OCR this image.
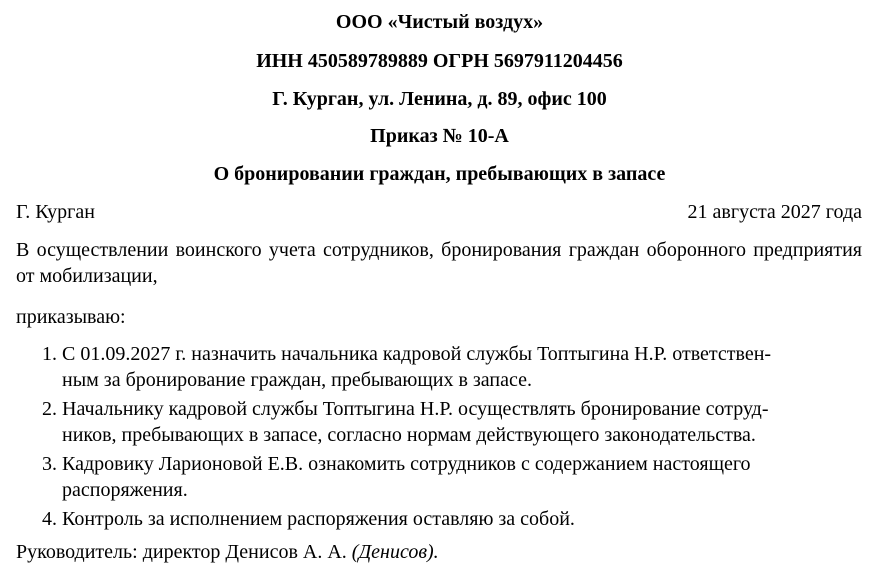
ООО «Чистый воздух»
ИНН 450589789889 ОГРН 5697911204456
Г. Курган, ул. Ленина, д. 89, офис 100
Приказ № 10-А
О бронировании граждан, пребывающих в запасе
Г. Курган	21 августа 2027 года
В осуществлении воинского учета сотрудников, бронирования граждан оборонного предприятия от мобилизации,
приказываю:
1. С 01.09.2027 г. назначить начальника кадровой службы Топтыгина Н.Р. ответствен-
ным за бронирование граждан, пребывающих в запасе.
2. Начальнику кадровой службы Топтыгина Н.Р. осуществлять бронирование сотруд-
ников, пребывающих в запасе, согласно нормам действующего законодательства.
3. Кадровику Ларионовой Е.В. ознакомить сотрудников с содержанием настоящего
распоряжения.
4. Контроль за исполнением распоряжения оставляю за собой.
Руководитель: директор Денисов А. А. (Денисов).
